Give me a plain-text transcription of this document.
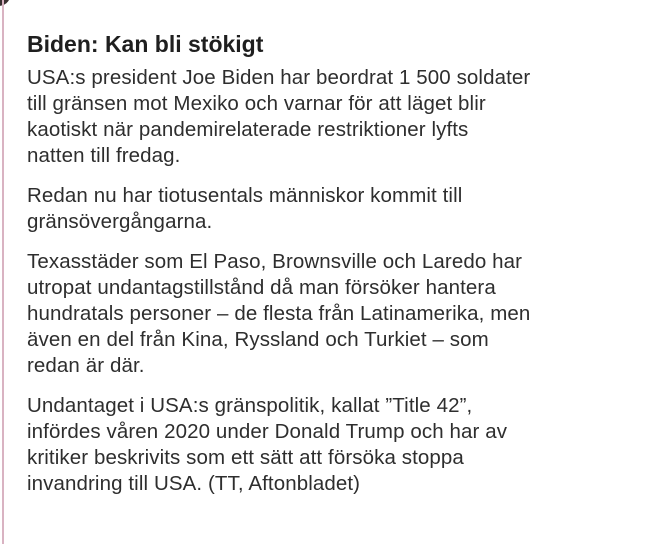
Biden: Kan bli stökigt

USA:s president Joe Biden har beordrat 1 500 soldater
till gränsen mot Mexiko och varnar för att läget blir
kaotiskt när pandemirelaterade restriktioner lyfts
natten till fredag.

Redan nu har tiotusentals människor kommit till
gränsövergångarna.

Texasstäder som El Paso, Brownsville och Laredo har
utropat undantagstillstånd då man försöker hantera
hundratals personer – de flesta från Latinamerika, men
även en del från Kina, Ryssland och Turkiet – som
redan är där.

Undantaget i USA:s gränspolitik, kallat ”Title 42”,
infördes våren 2020 under Donald Trump och har av
kritiker beskrivits som ett sätt att försöka stoppa
invandring till USA. (TT, Aftonbladet)
